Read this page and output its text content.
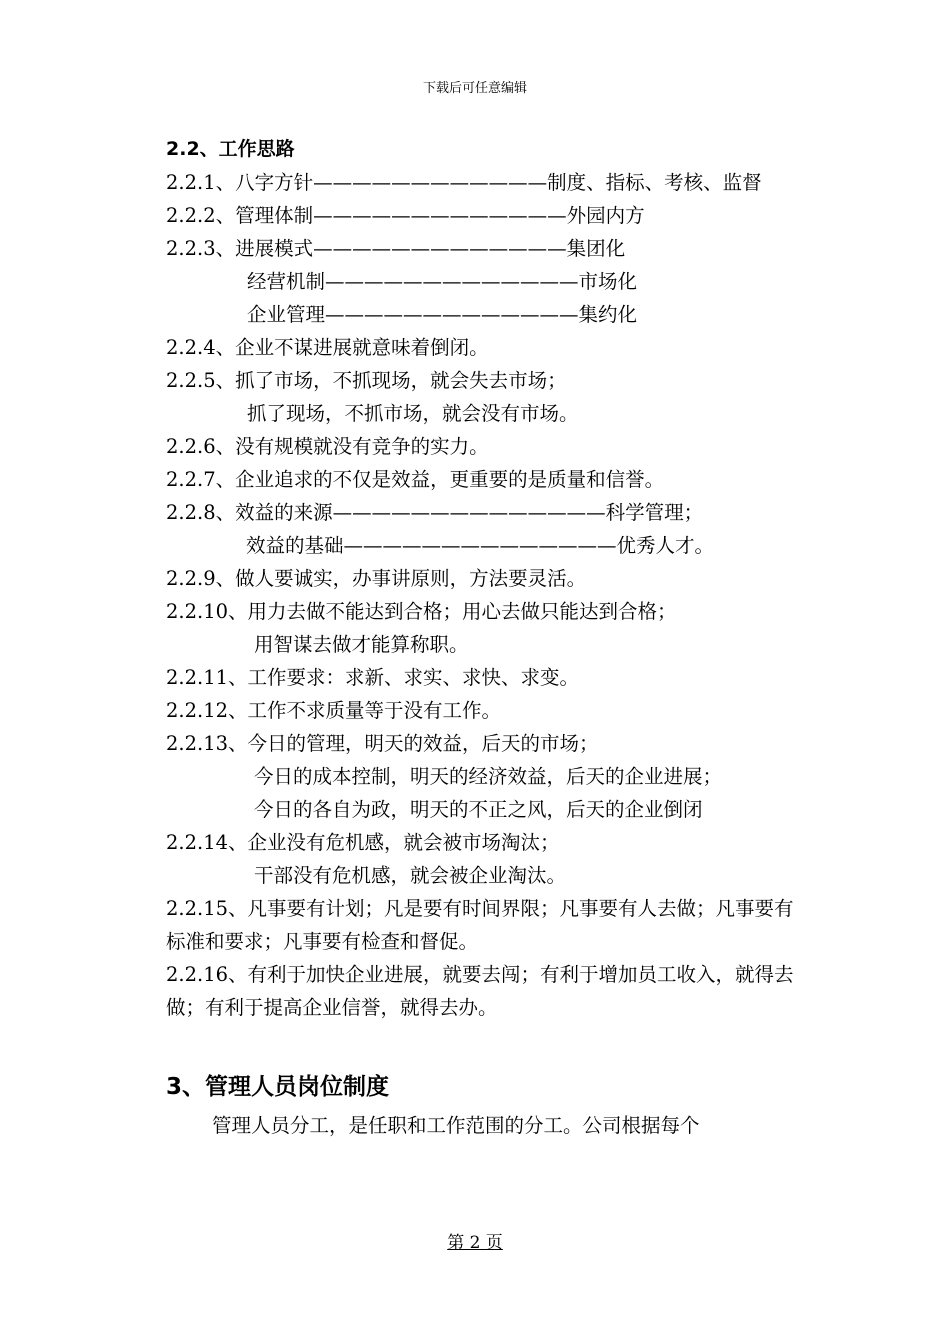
下载后可任意编辑
2.2、工作思路
2.2.1、八字方针————————————制度、指标、考核、监督
2.2.2、管理体制—————————————外园内方
2.2.3、进展模式—————————————集团化
经营机制—————————————市场化
企业管理—————————————集约化
2.2.4、企业不谋进展就意味着倒闭。
2.2.5、抓了市场，不抓现场，就会失去市场；
抓了现场，不抓市场，就会没有市场。
2.2.6、没有规模就没有竞争的实力。
2.2.7、企业追求的不仅是效益，更重要的是质量和信誉。
2.2.8、效益的来源——————————————科学管理；
效益的基础——————————————优秀人才。
2.2.9、做人要诚实，办事讲原则，方法要灵活。
2.2.10、用力去做不能达到合格；用心去做只能达到合格；
用智谋去做才能算称职。
2.2.11、工作要求：求新、求实、求快、求变。
2.2.12、工作不求质量等于没有工作。
2.2.13、今日的管理，明天的效益，后天的市场；
今日的成本控制，明天的经济效益，后天的企业进展；
今日的各自为政，明天的不正之风，后天的企业倒闭
2.2.14、企业没有危机感，就会被市场淘汰；
干部没有危机感，就会被企业淘汰。
2.2.15、凡事要有计划；凡是要有时间界限；凡事要有人去做；凡事要有标准和要求；凡事要有检查和督促。
2.2.16、有利于加快企业进展，就要去闯；有利于增加员工收入，就得去做；有利于提高企业信誉，就得去办。
3、管理人员岗位制度
管理人员分工，是任职和工作范围的分工。公司根据每个
第 2 页
